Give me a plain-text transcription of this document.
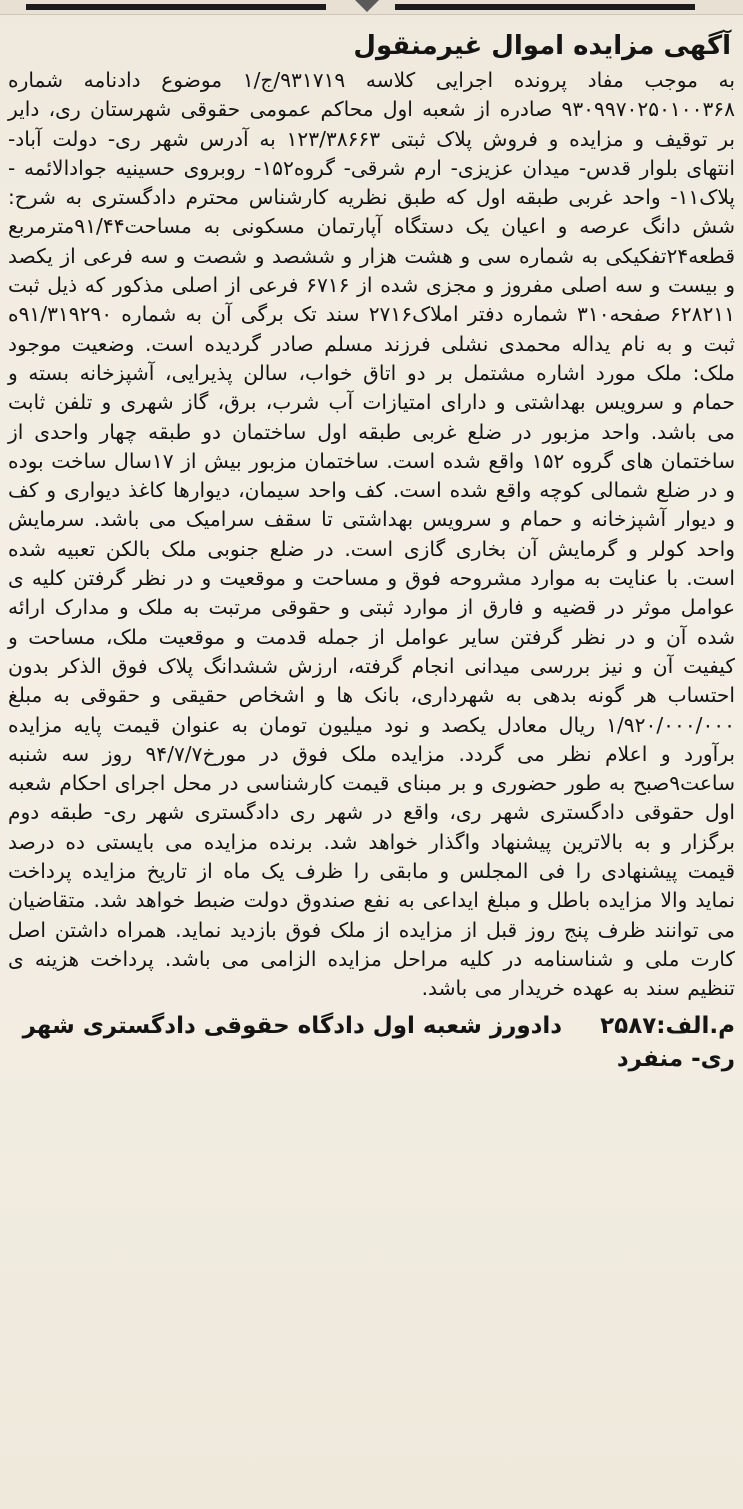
آگهی مزایده اموال غیرمنقول

به موجب مفاد پرونده اجرایی کلاسه ۹۳۱۷۱۹/ج/۱ موضوع دادنامه شماره ۹۳۰۹۹۷۰۲۵۰۱۰۰۳۶۸ صادره از شعبه اول محاکم عمومی حقوقی شهرستان ری، دایر بر توقیف و مزایده و فروش پلاک ثبتی ۱۲۳/۳۸۶۶۳ به آدرس شهر ری- دولت آباد- انتهای بلوار قدس- میدان عزیزی- ارم شرقی- گروه۱۵۲- روبروی حسینیه جوادالائمه - پلاک۱۱- واحد غربی طبقه اول که طبق نظریه کارشناس محترم دادگستری به شرح: شش دانگ عرصه و اعیان یک دستگاه آپارتمان مسکونی به مساحت۹۱/۴۴مترمربع قطعه۲۴تفکیکی به شماره سی و هشت هزار و ششصد و شصت و سه فرعی از یکصد و بیست و سه اصلی مفروز و مجزی شده از ۶۷۱۶ فرعی از اصلی مذکور که ذیل ثبت ۶۲۸۲۱۱ صفحه۳۱۰ شماره دفتر املاک۲۷۱۶ سند تک برگی آن به شماره ۹۱/۳۱۹۲۹۰ه ثبت و به نام یداله محمدی نشلی فرزند مسلم صادر گردیده است. وضعیت موجود ملک: ملک مورد اشاره مشتمل بر دو اتاق خواب، سالن پذیرایی، آشپزخانه بسته و حمام و سرویس بهداشتی و دارای امتیازات آب شرب، برق، گاز شهری و تلفن ثابت می باشد. واحد مزبور در ضلع غربی طبقه اول ساختمان دو طبقه چهار واحدی از ساختمان های گروه ۱۵۲ واقع شده است. ساختمان مزبور بیش از ۱۷سال ساخت بوده و در ضلع شمالی کوچه واقع شده است. کف واحد سیمان، دیوارها کاغذ دیواری و کف و دیوار آشپزخانه و حمام و سرویس بهداشتی تا سقف سرامیک می باشد. سرمایش واحد کولر و گرمایش آن بخاری گازی است. در ضلع جنوبی ملک بالکن تعبیه شده است. با عنایت به موارد مشروحه فوق و مساحت و موقعیت و در نظر گرفتن کلیه ی عوامل موثر در قضیه و فارق از موارد ثبتی و حقوقی مرتبت به ملک و مدارک ارائه شده آن و در نظر گرفتن سایر عوامل از جمله قدمت و موقعیت ملک، مساحت و کیفیت آن و نیز بررسی میدانی انجام گرفته، ارزش ششدانگ پلاک فوق الذکر بدون احتساب هر گونه بدهی به شهرداری، بانک ها و اشخاص حقیقی و حقوقی به مبلغ ۱/۹۲۰/۰۰۰/۰۰۰ ریال معادل یکصد و نود میلیون تومان به عنوان قیمت پایه مزایده برآورد و اعلام نظر می گردد. مزایده ملک فوق در مورخ۹۴/۷/۷ روز سه شنبه ساعت۹صبح به طور حضوری و بر مبنای قیمت کارشناسی در محل اجرای احکام شعبه اول حقوقی دادگستری شهر ری، واقع در شهر ری دادگستری شهر ری- طبقه دوم برگزار و به بالاترین پیشنهاد واگذار خواهد شد. برنده مزایده می بایستی ده درصد قیمت پیشنهادی را فی المجلس و مابقی را ظرف یک ماه از تاریخ مزایده پرداخت نماید والا مزایده باطل و مبلغ ایداعی به نفع صندوق دولت ضبط خواهد شد. متقاضیان می توانند ظرف پنج روز قبل از مزایده از ملک فوق بازدید نماید. همراه داشتن اصل کارت ملی و شناسنامه در کلیه مراحل مزایده الزامی می باشد. پرداخت هزینه ی تنظیم سند به عهده خریدار می باشد.

م.الف:۲۵۸۷ دادورز شعبه اول دادگاه حقوقی دادگستری شهر ری- منفرد
